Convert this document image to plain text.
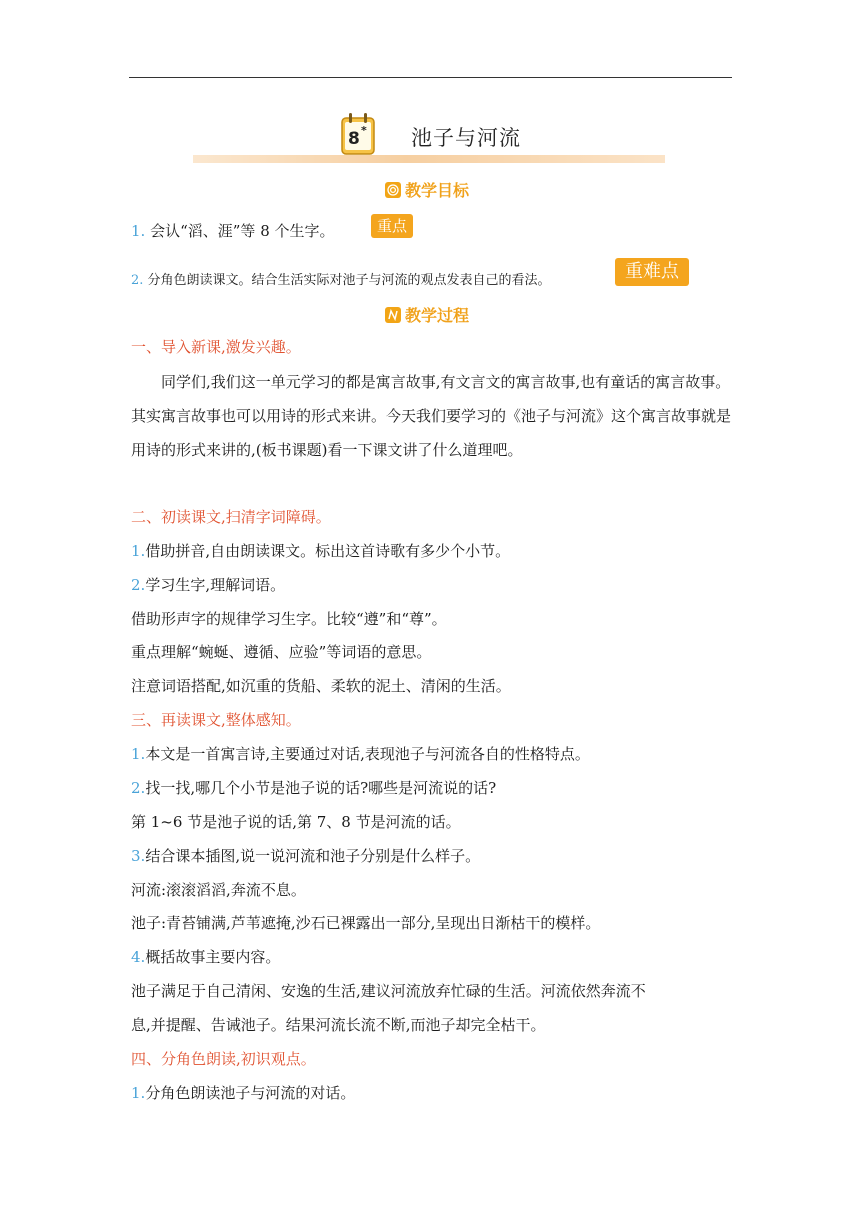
8 * 池子与河流
教学目标
1. 会认“滔、涯”等 8 个生字。	重点
2. 分角色朗读课文。结合生活实际对池子与河流的观点发表自己的看法。	重难点
教学过程
一、导入新课,激发兴趣。
同学们,我们这一单元学习的都是寓言故事,有文言文的寓言故事,也有童话的寓言故事。其实寓言故事也可以用诗的形式来讲。今天我们要学习的《池子与河流》这个寓言故事就是用诗的形式来讲的,(板书课题)看一下课文讲了什么道理吧。
二、初读课文,扫清字词障碍。
1.借助拼音,自由朗读课文。标出这首诗歌有多少个小节。
2.学习生字,理解词语。
借助形声字的规律学习生字。比较“遵”和“尊”。
重点理解“蜿蜒、遵循、应验”等词语的意思。
注意词语搭配,如沉重的货船、柔软的泥土、清闲的生活。
三、再读课文,整体感知。
1.本文是一首寓言诗,主要通过对话,表现池子与河流各自的性格特点。
2.找一找,哪几个小节是池子说的话?哪些是河流说的话?
第 1~6 节是池子说的话,第 7、8 节是河流的话。
3.结合课本插图,说一说河流和池子分别是什么样子。
河流:滚滚滔滔,奔流不息。
池子:青苔铺满,芦苇遮掩,沙石已裸露出一部分,呈现出日渐枯干的模样。
4.概括故事主要内容。
池子满足于自己清闲、安逸的生活,建议河流放弃忙碌的生活。河流依然奔流不
息,并提醒、告诫池子。结果河流长流不断,而池子却完全枯干。
四、分角色朗读,初识观点。
1.分角色朗读池子与河流的对话。
